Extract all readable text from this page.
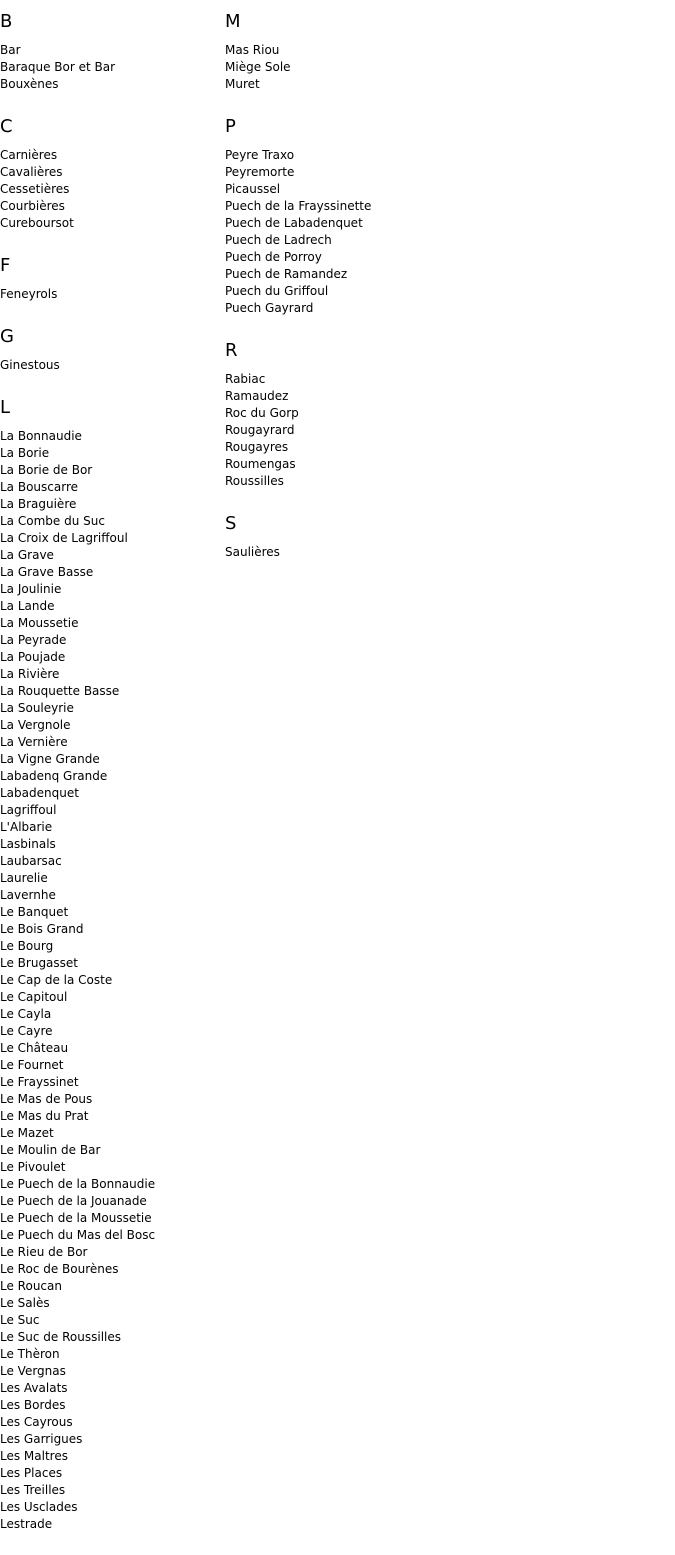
B
Bar
Baraque Bor et Bar
Bouxènes
C
Carnières
Cavalières
Cessetières
Courbières
Cureboursot
F
Feneyrols
G
Ginestous
L
La Bonnaudie
La Borie
La Borie de Bor
La Bouscarre
La Braguière
La Combe du Suc
La Croix de Lagriffoul
La Grave
La Grave Basse
La Joulinie
La Lande
La Moussetie
La Peyrade
La Poujade
La Rivière
La Rouquette Basse
La Souleyrie
La Vergnole
La Vernière
La Vigne Grande
Labadenq Grande
Labadenquet
Lagriffoul
L'Albarie
Lasbinals
Laubarsac
Laurelie
Lavernhe
Le Banquet
Le Bois Grand
Le Bourg
Le Brugasset
Le Cap de la Coste
Le Capitoul
Le Cayla
Le Cayre
Le Château
Le Fournet
Le Frayssinet
Le Mas de Pous
Le Mas du Prat
Le Mazet
Le Moulin de Bar
Le Pivoulet
Le Puech de la Bonnaudie
Le Puech de la Jouanade
Le Puech de la Moussetie
Le Puech du Mas del Bosc
Le Rieu de Bor
Le Roc de Bourènes
Le Roucan
Le Salès
Le Suc
Le Suc de Roussilles
Le Thèron
Le Vergnas
Les Avalats
Les Bordes
Les Cayrous
Les Garrigues
Les Maltres
Les Places
Les Treilles
Les Usclades
Lestrade
M
Mas Riou
Miège Sole
Muret
P
Peyre Traxo
Peyremorte
Picaussel
Puech de la Frayssinette
Puech de Labadenquet
Puech de Ladrech
Puech de Porroy
Puech de Ramandez
Puech du Griffoul
Puech Gayrard
R
Rabiac
Ramaudez
Roc du Gorp
Rougayrard
Rougayres
Roumengas
Roussilles
S
Saulières
